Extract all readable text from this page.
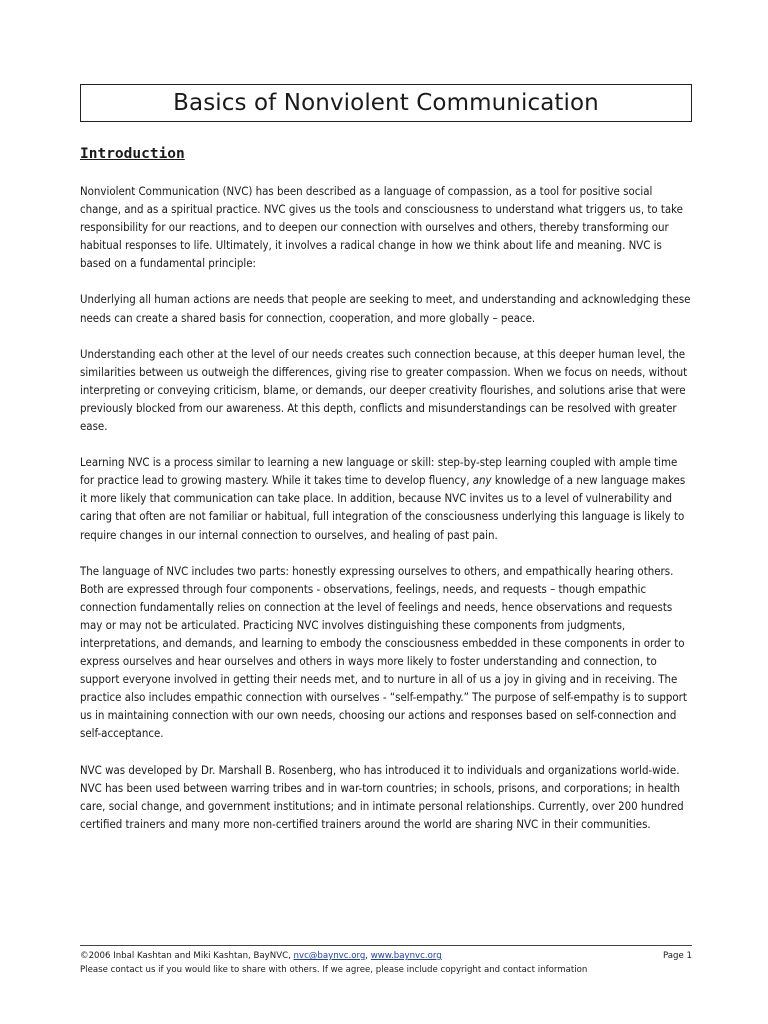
Basics of Nonviolent Communication
Introduction

Nonviolent Communication (NVC) has been described as a language of compassion, as a tool for positive social change, and as a spiritual practice. NVC gives us the tools and consciousness to understand what triggers us, to take responsibility for our reactions, and to deepen our connection with ourselves and others, thereby transforming our habitual responses to life. Ultimately, it involves a radical change in how we think about life and meaning. NVC is based on a fundamental principle:

Underlying all human actions are needs that people are seeking to meet, and understanding and acknowledging these needs can create a shared basis for connection, cooperation, and more globally – peace.

Understanding each other at the level of our needs creates such connection because, at this deeper human level, the similarities between us outweigh the differences, giving rise to greater compassion. When we focus on needs, without interpreting or conveying criticism, blame, or demands, our deeper creativity flourishes, and solutions arise that were previously blocked from our awareness. At this depth, conflicts and misunderstandings can be resolved with greater ease.

Learning NVC is a process similar to learning a new language or skill: step-by-step learning coupled with ample time for practice lead to growing mastery. While it takes time to develop fluency, any knowledge of a new language makes it more likely that communication can take place. In addition, because NVC invites us to a level of vulnerability and caring that often are not familiar or habitual, full integration of the consciousness underlying this language is likely to require changes in our internal connection to ourselves, and healing of past pain.

The language of NVC includes two parts: honestly expressing ourselves to others, and empathically hearing others. Both are expressed through four components - observations, feelings, needs, and requests – though empathic connection fundamentally relies on connection at the level of feelings and needs, hence observations and requests may or may not be articulated. Practicing NVC involves distinguishing these components from judgments, interpretations, and demands, and learning to embody the consciousness embedded in these components in order to express ourselves and hear ourselves and others in ways more likely to foster understanding and connection, to support everyone involved in getting their needs met, and to nurture in all of us a joy in giving and in receiving. The practice also includes empathic connection with ourselves - “self-empathy.” The purpose of self-empathy is to support us in maintaining connection with our own needs, choosing our actions and responses based on self-connection and self-acceptance.

NVC was developed by Dr. Marshall B. Rosenberg, who has introduced it to individuals and organizations world-wide. NVC has been used between warring tribes and in war-torn countries; in schools, prisons, and corporations; in health care, social change, and government institutions; and in intimate personal relationships. Currently, over 200 hundred certified trainers and many more non-certified trainers around the world are sharing NVC in their communities.

©2006 Inbal Kashtan and Miki Kashtan, BayNVC, nvc@baynvc.org, www.baynvc.org	Page 1
Please contact us if you would like to share with others. If we agree, please include copyright and contact information
